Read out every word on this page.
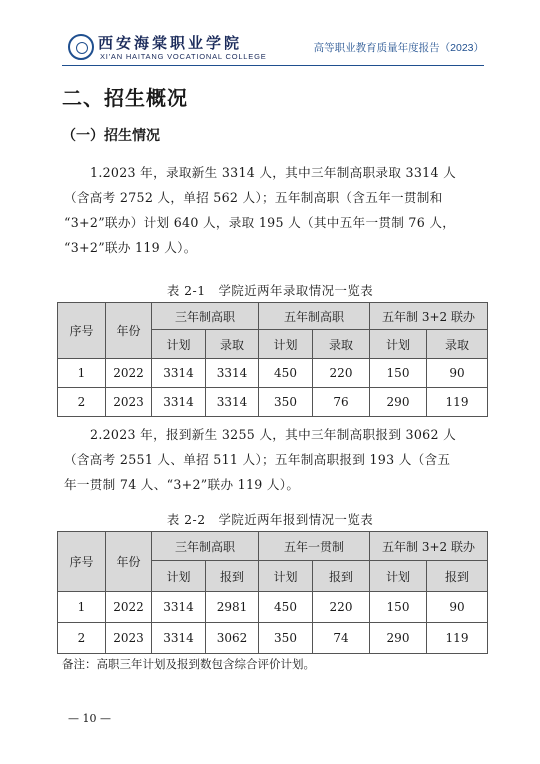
西安海棠职业学院
XI'AN HAITANG VOCATIONAL COLLEGE
高等职业教育质量年度报告（2023）
二、招生概况
（一）招生情况
1.2023 年，录取新生 3314 人，其中三年制高职录取 3314 人
（含高考 2752 人，单招 562 人）；五年制高职（含五年一贯制和
“3+2”联办）计划 640 人，录取 195 人（其中五年一贯制 76 人，
“3+2”联办 119 人）。
表 2-1　学院近两年录取情况一览表
序号	年份	三年制高职		五年制高职		五年制 3+2 联办	
		计划	录取	计划	录取	计划	录取
1	2022	3314	3314	450	220	150	90
2	2023	3314	3314	350	76	290	119
2.2023 年，报到新生 3255 人，其中三年制高职报到 3062 人
（含高考 2551 人、单招 511 人）；五年制高职报到 193 人（含五
年一贯制 74 人、“3+2”联办 119 人）。
表 2-2　学院近两年报到情况一览表
序号	年份	三年制高职		五年一贯制		五年制 3+2 联办	
		计划	报到	计划	报到	计划	报到
1	2022	3314	2981	450	220	150	90
2	2023	3314	3062	350	74	290	119
备注：高职三年计划及报到数包含综合评价计划。
— 10 —
